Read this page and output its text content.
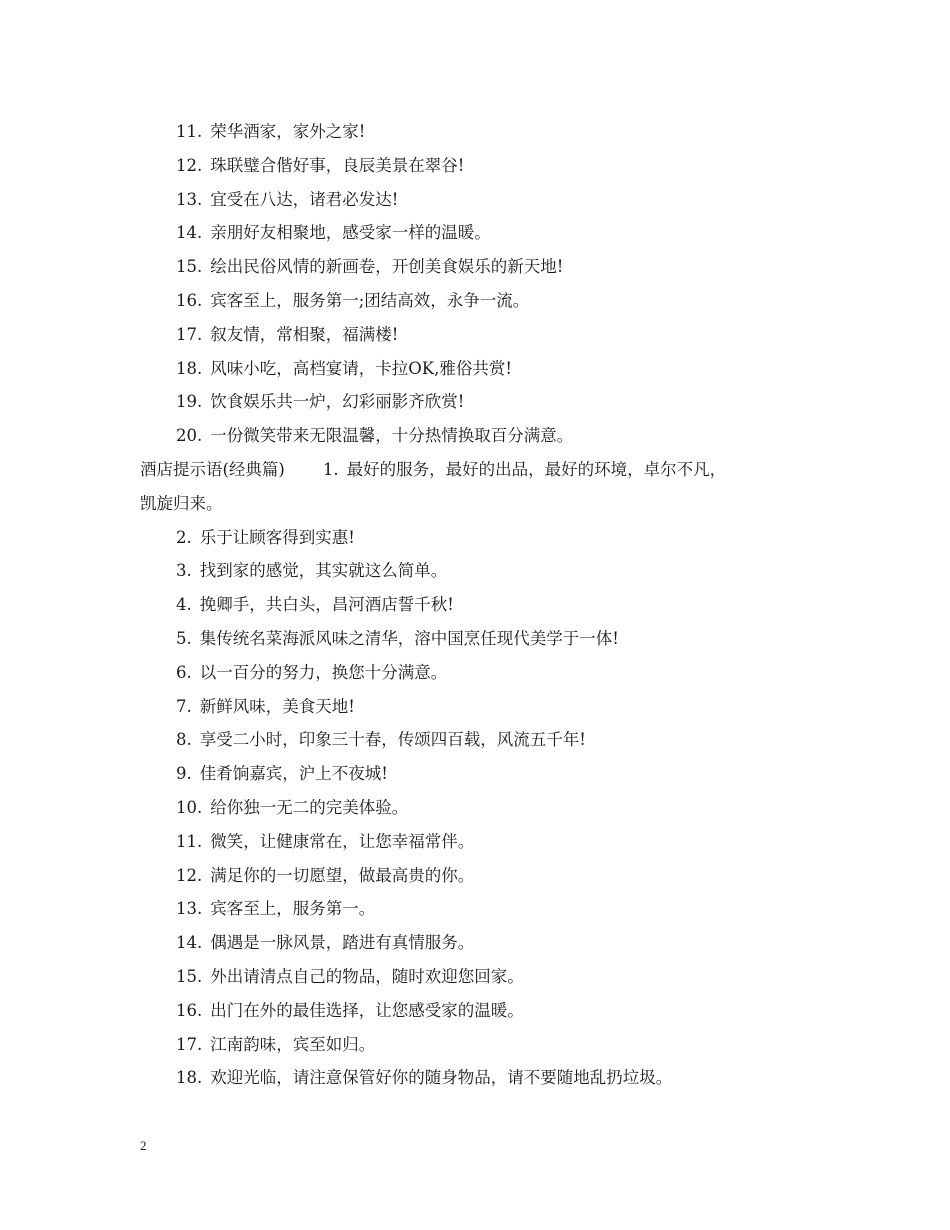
11. 荣华酒家，家外之家!
12. 珠联璧合偕好事，良辰美景在翠谷!
13. 宜受在八达，诸君必发达!
14. 亲朋好友相聚地，感受家一样的温暖。
15. 绘出民俗风情的新画卷，开创美食娱乐的新天地!
16. 宾客至上，服务第一;团结高效，永争一流。
17. 叙友情，常相聚，福满楼!
18. 风味小吃，高档宴请，卡拉OK,雅俗共赏!
19. 饮食娱乐共一炉，幻彩丽影齐欣赏!
20. 一份微笑带来无限温馨，十分热情换取百分满意。
酒店提示语(经典篇) 1. 最好的服务，最好的出品，最好的环境，卓尔不凡，
凯旋归来。
2. 乐于让顾客得到实惠!
3. 找到家的感觉，其实就这么简单。
4. 挽卿手，共白头，昌河酒店誓千秋!
5. 集传统名菜海派风味之清华，溶中国烹任现代美学于一体!
6. 以一百分的努力，换您十分满意。
7. 新鲜风味，美食天地!
8. 享受二小时，印象三十春，传颂四百载，风流五千年!
9. 佳肴饷嘉宾，沪上不夜城!
10. 给你独一无二的完美体验。
11. 微笑，让健康常在，让您幸福常伴。
12. 满足你的一切愿望，做最高贵的你。
13. 宾客至上，服务第一。
14. 偶遇是一脉风景，踏进有真情服务。
15. 外出请清点自己的物品，随时欢迎您回家。
16. 出门在外的最佳选择，让您感受家的温暖。
17. 江南韵味，宾至如归。
18. 欢迎光临，请注意保管好你的随身物品，请不要随地乱扔垃圾。
2
